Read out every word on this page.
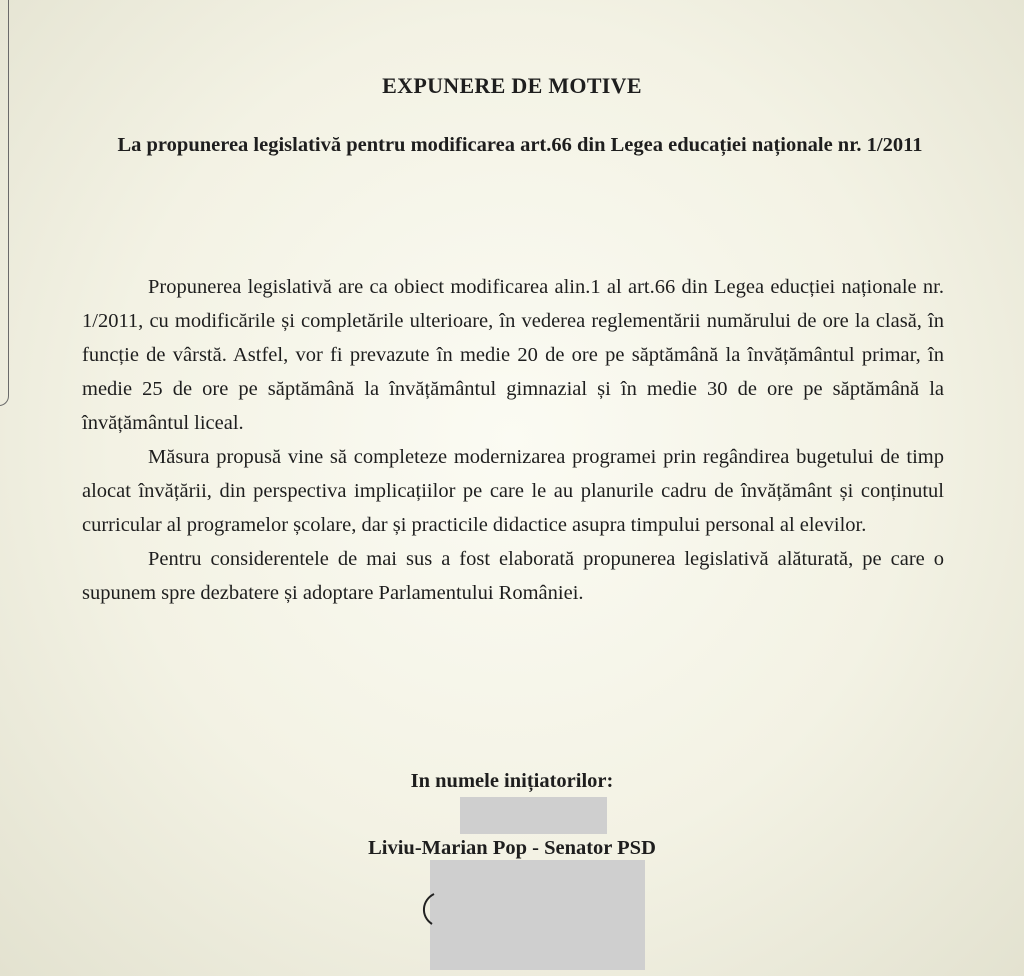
EXPUNERE DE MOTIVE
La propunerea legislativă pentru modificarea art.66 din Legea educației naționale nr. 1/2011

Propunerea legislativă are ca obiect modificarea alin.1 al art.66 din Legea educției naționale nr. 1/2011, cu modificările și completările ulterioare, în vederea reglementării numărului de ore la clasă, în funcție de vârstă. Astfel, vor fi prevazute în medie 20 de ore pe săptămână la învățământul primar, în medie 25 de ore pe săptămână la învățământul gimnazial și în medie 30 de ore pe săptămână la învățământul liceal.

Măsura propusă vine să completeze modernizarea programei prin regândirea bugetului de timp alocat învățării, din perspectiva implicațiilor pe care le au planurile cadru de învățământ și conținutul curricular al programelor școlare, dar și practicile didactice asupra timpului personal al elevilor.

Pentru considerentele de mai sus a fost elaborată propunerea legislativă alăturată, pe care o supunem spre dezbatere și adoptare Parlamentului României.

In numele inițiatorilor:
Liviu-Marian Pop - Senator PSD
